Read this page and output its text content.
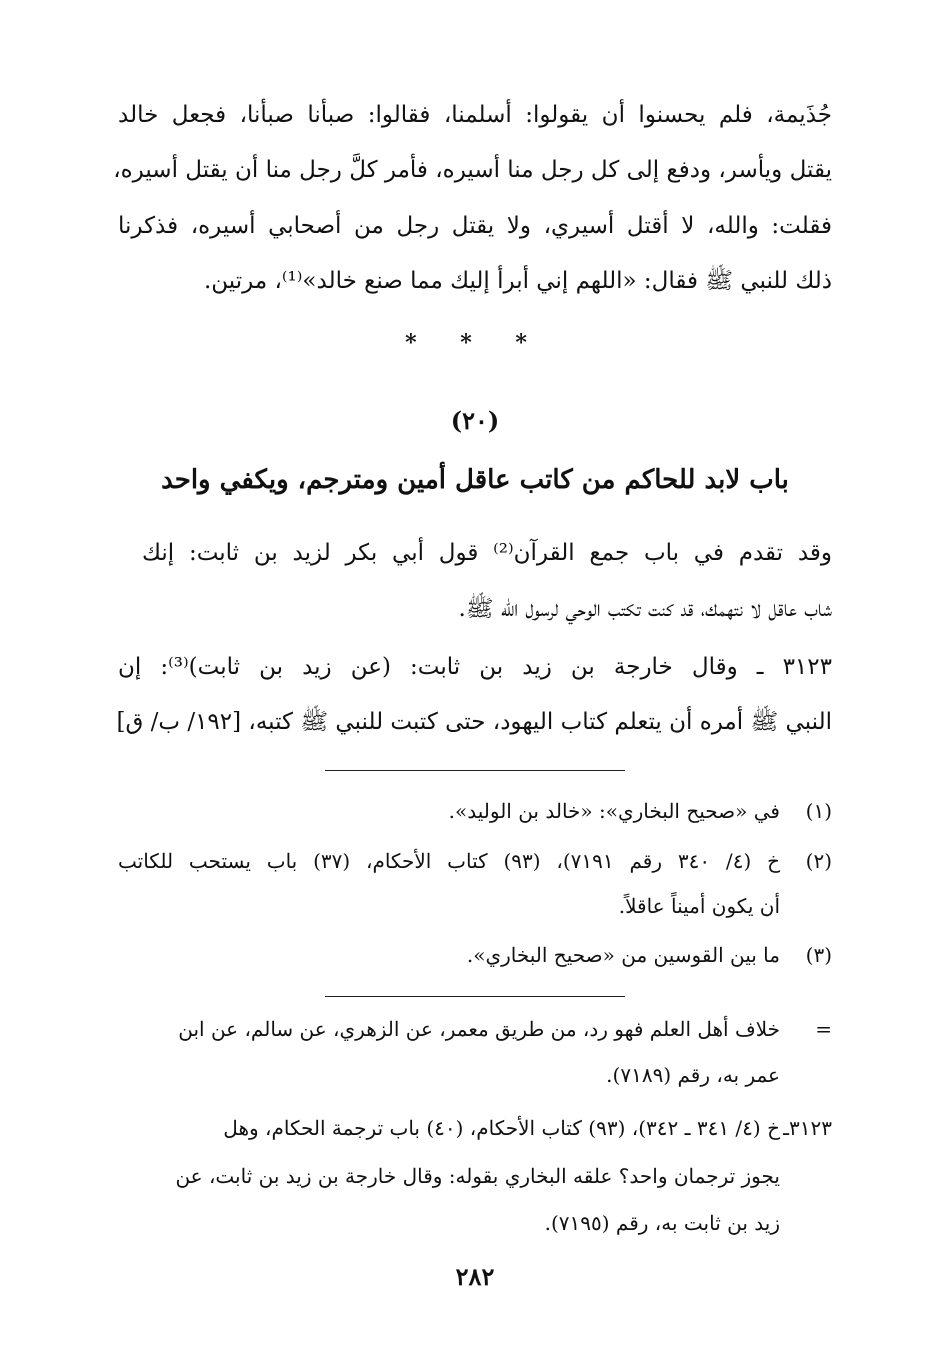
جُذَيمة، فلم يحسنوا أن يقولوا: أسلمنا، فقالوا: صبأنا صبأنا، فجعل خالد
يقتل ويأسر، ودفع إلى كل رجل منا أسيره، فأمر كلَّ رجل منا أن يقتل أسيره،
فقلت: والله، لا أقتل أسيري، ولا يقتل رجل من أصحابي أسيره، فذكرنا
ذلك للنبي ﷺ فقال: «اللهم إني أبرأ إليك مما صنع خالد»⁽¹⁾، مرتين.
* * *
(٢٠)
باب لابد للحاكم من كاتب عاقل أمين ومترجم، ويكفي واحد
وقد تقدم في باب جمع القرآن⁽²⁾ قول أبي بكر لزيد بن ثابت: إنك
شاب عاقل لا نتهمك، قد كنت تكتب الوحي لرسول الله ﷺ.
٣١٢٣ ـ وقال خارجة بن زيد بن ثابت: (عن زيد بن ثابت)⁽³⁾: إن
النبي ﷺ أمره أن يتعلم كتاب اليهود، حتى كتبت للنبي ﷺ كتبه، [١٩٢/ ب/ ق]
(١)في «صحيح البخاري»: «خالد بن الوليد».
(٢)خ (٤/ ٣٤٠ رقم ٧١٩١)، (٩٣) كتاب الأحكام، (٣٧) باب يستحب للكاتب
أن يكون أميناً عاقلاً.
(٣)ما بين القوسين من «صحيح البخاري».
=خلاف أهل العلم فهو رد، من طريق معمر، عن الزهري، عن سالم، عن ابن
عمر به، رقم (٧١٨٩).
٣١٢٣ـخ (٤/ ٣٤١ ـ ٣٤٢)، (٩٣) كتاب الأحكام، (٤٠) باب ترجمة الحكام، وهل
يجوز ترجمان واحد؟ علقه البخاري بقوله: وقال خارجة بن زيد بن ثابت، عن
زيد بن ثابت به، رقم (٧١٩٥).
٢٨٢
